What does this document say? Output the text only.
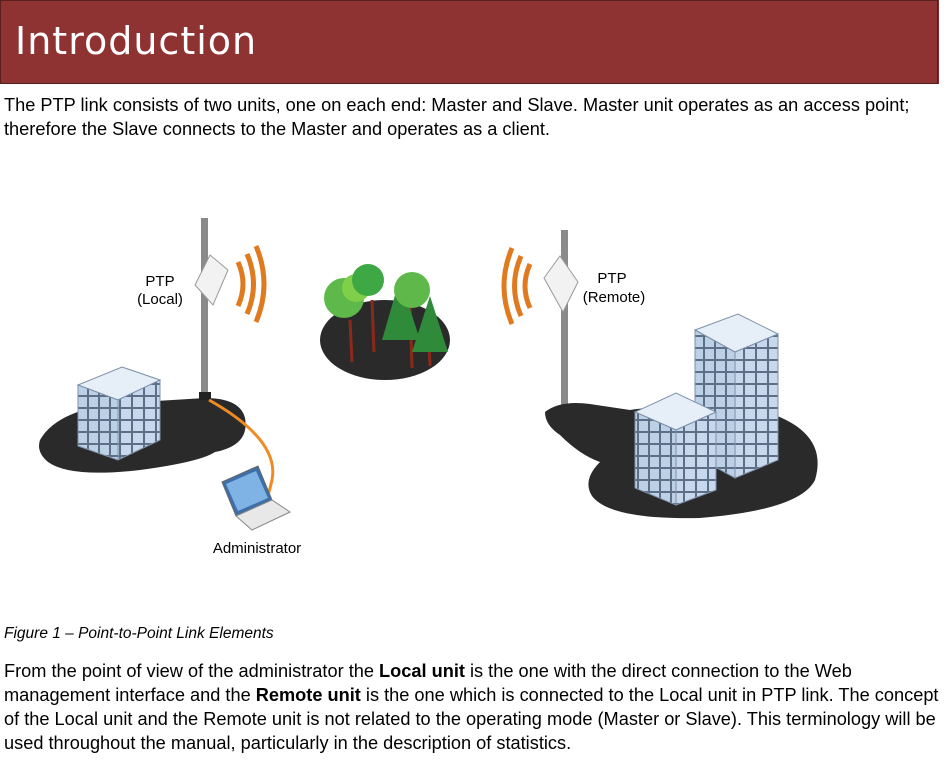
Introduction

The PTP link consists of two units, one on each end: Master and Slave. Master unit operates as an access point; therefore the Slave connects to the Master and operates as a client.

PTP
(Local)
Administrator
PTP
(Remote)
Figure 1 – Point-to-Point Link Elements

From the point of view of the administrator the Local unit is the one with the direct connection to the Web management interface and the Remote unit is the one which is connected to the Local unit in PTP link. The concept of the Local unit and the Remote unit is not related to the operating mode (Master or Slave). This terminology will be used throughout the manual, particularly in the description of statistics.
